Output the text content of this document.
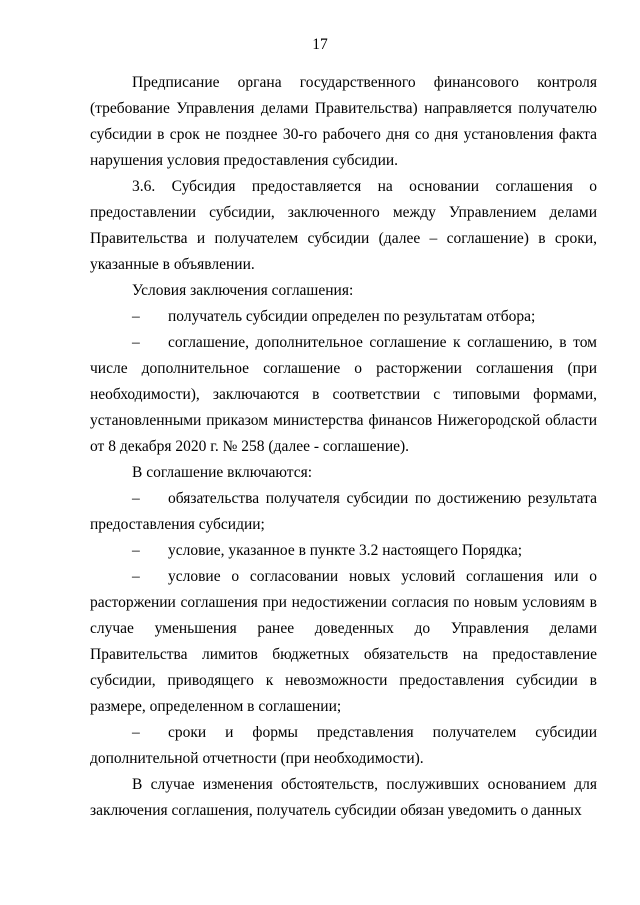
17

Предписание органа государственного финансового контроля (требование Управления делами Правительства) направляется получателю субсидии в срок не позднее 30-го рабочего дня со дня установления факта нарушения условия предоставления субсидии.

3.6. Субсидия предоставляется на основании соглашения о предоставлении субсидии, заключенного между Управлением делами Правительства и получателем субсидии (далее – соглашение) в сроки, указанные в объявлении.

Условия заключения соглашения:

– получатель субсидии определен по результатам отбора;

– соглашение, дополнительное соглашение к соглашению, в том числе дополнительное соглашение о расторжении соглашения (при необходимости), заключаются в соответствии с типовыми формами, установленными приказом министерства финансов Нижегородской области от 8 декабря 2020 г. № 258 (далее - соглашение).

В соглашение включаются:

– обязательства получателя субсидии по достижению результата предоставления субсидии;

– условие, указанное в пункте 3.2 настоящего Порядка;

– условие о согласовании новых условий соглашения или о расторжении соглашения при недостижении согласия по новым условиям в случае уменьшения ранее доведенных до Управления делами Правительства лимитов бюджетных обязательств на предоставление субсидии, приводящего к невозможности предоставления субсидии в размере, определенном в соглашении;

– сроки и формы представления получателем субсидии дополнительной отчетности (при необходимости).

В случае изменения обстоятельств, послуживших основанием для заключения соглашения, получатель субсидии обязан уведомить о данных
